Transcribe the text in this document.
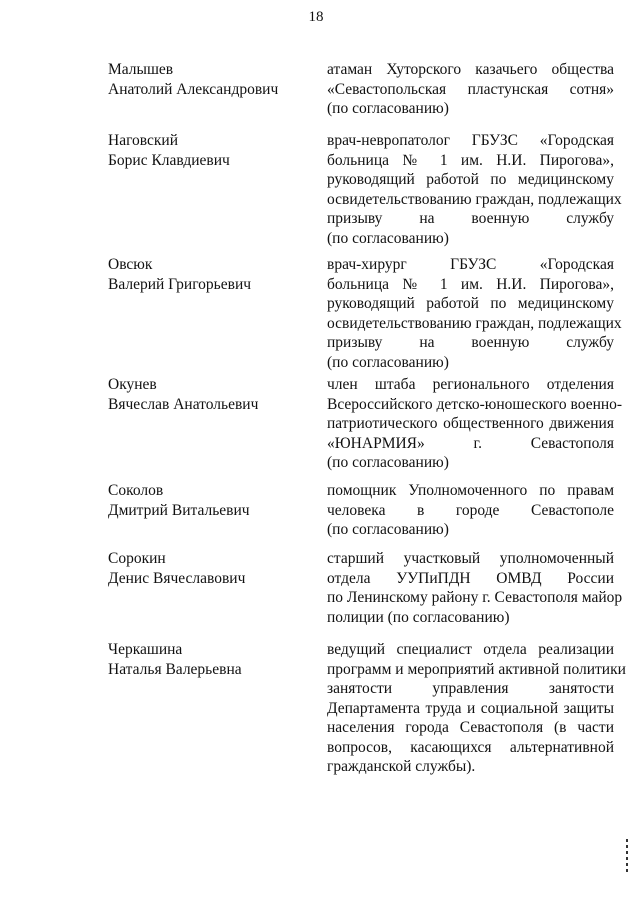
18
Малышев
Анатолий Александрович
атаман Хуторского казачьего общества
«Севастопольская пластунская сотня»
(по согласованию)
Наговский
Борис Клавдиевич
врач-невропатолог ГБУЗС «Городская
больница № 1 им. Н.И. Пирогова»,
руководящий работой по медицинскому
освидетельствованию граждан, подлежащих
призыву на военную службу
(по согласованию)
Овсюк
Валерий Григорьевич
врач-хирург ГБУЗС «Городская
больница № 1 им. Н.И. Пирогова»,
руководящий работой по медицинскому
освидетельствованию граждан, подлежащих
призыву на военную службу
(по согласованию)
Окунев
Вячеслав Анатольевич
член штаба регионального отделения
Всероссийского детско-юношеского военно-
патриотического общественного движения
«ЮНАРМИЯ» г. Севастополя
(по согласованию)
Соколов
Дмитрий Витальевич
помощник Уполномоченного по правам
человека в городе Севастополе
(по согласованию)
Сорокин
Денис Вячеславович
старший участковый уполномоченный
отдела УУПиПДН ОМВД России
по Ленинскому району г. Севастополя майор
полиции (по согласованию)
Черкашина
Наталья Валерьевна
ведущий специалист отдела реализации
программ и мероприятий активной политики
занятости управления занятости
Департамента труда и социальной защиты
населения города Севастополя (в части
вопросов, касающихся альтернативной
гражданской службы).
